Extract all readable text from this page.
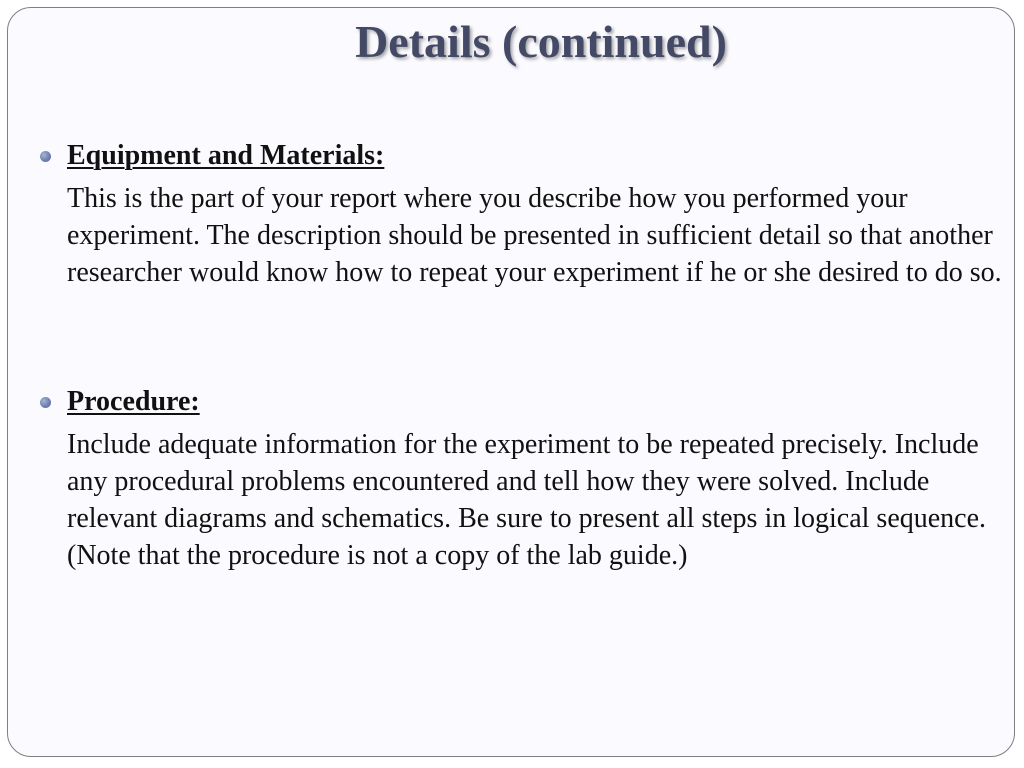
Details (continued)
Equipment and Materials:
This is the part of your report where you describe how you performed your experiment. The description should be presented in sufficient detail so that another researcher would know how to repeat your experiment if he or she desired to do so.
Procedure:
Include adequate information for the experiment to be repeated precisely. Include any procedural problems encountered and tell how they were solved. Include relevant diagrams and schematics. Be sure to present all steps in logical sequence. (Note that the procedure is not a copy of the lab guide.)
